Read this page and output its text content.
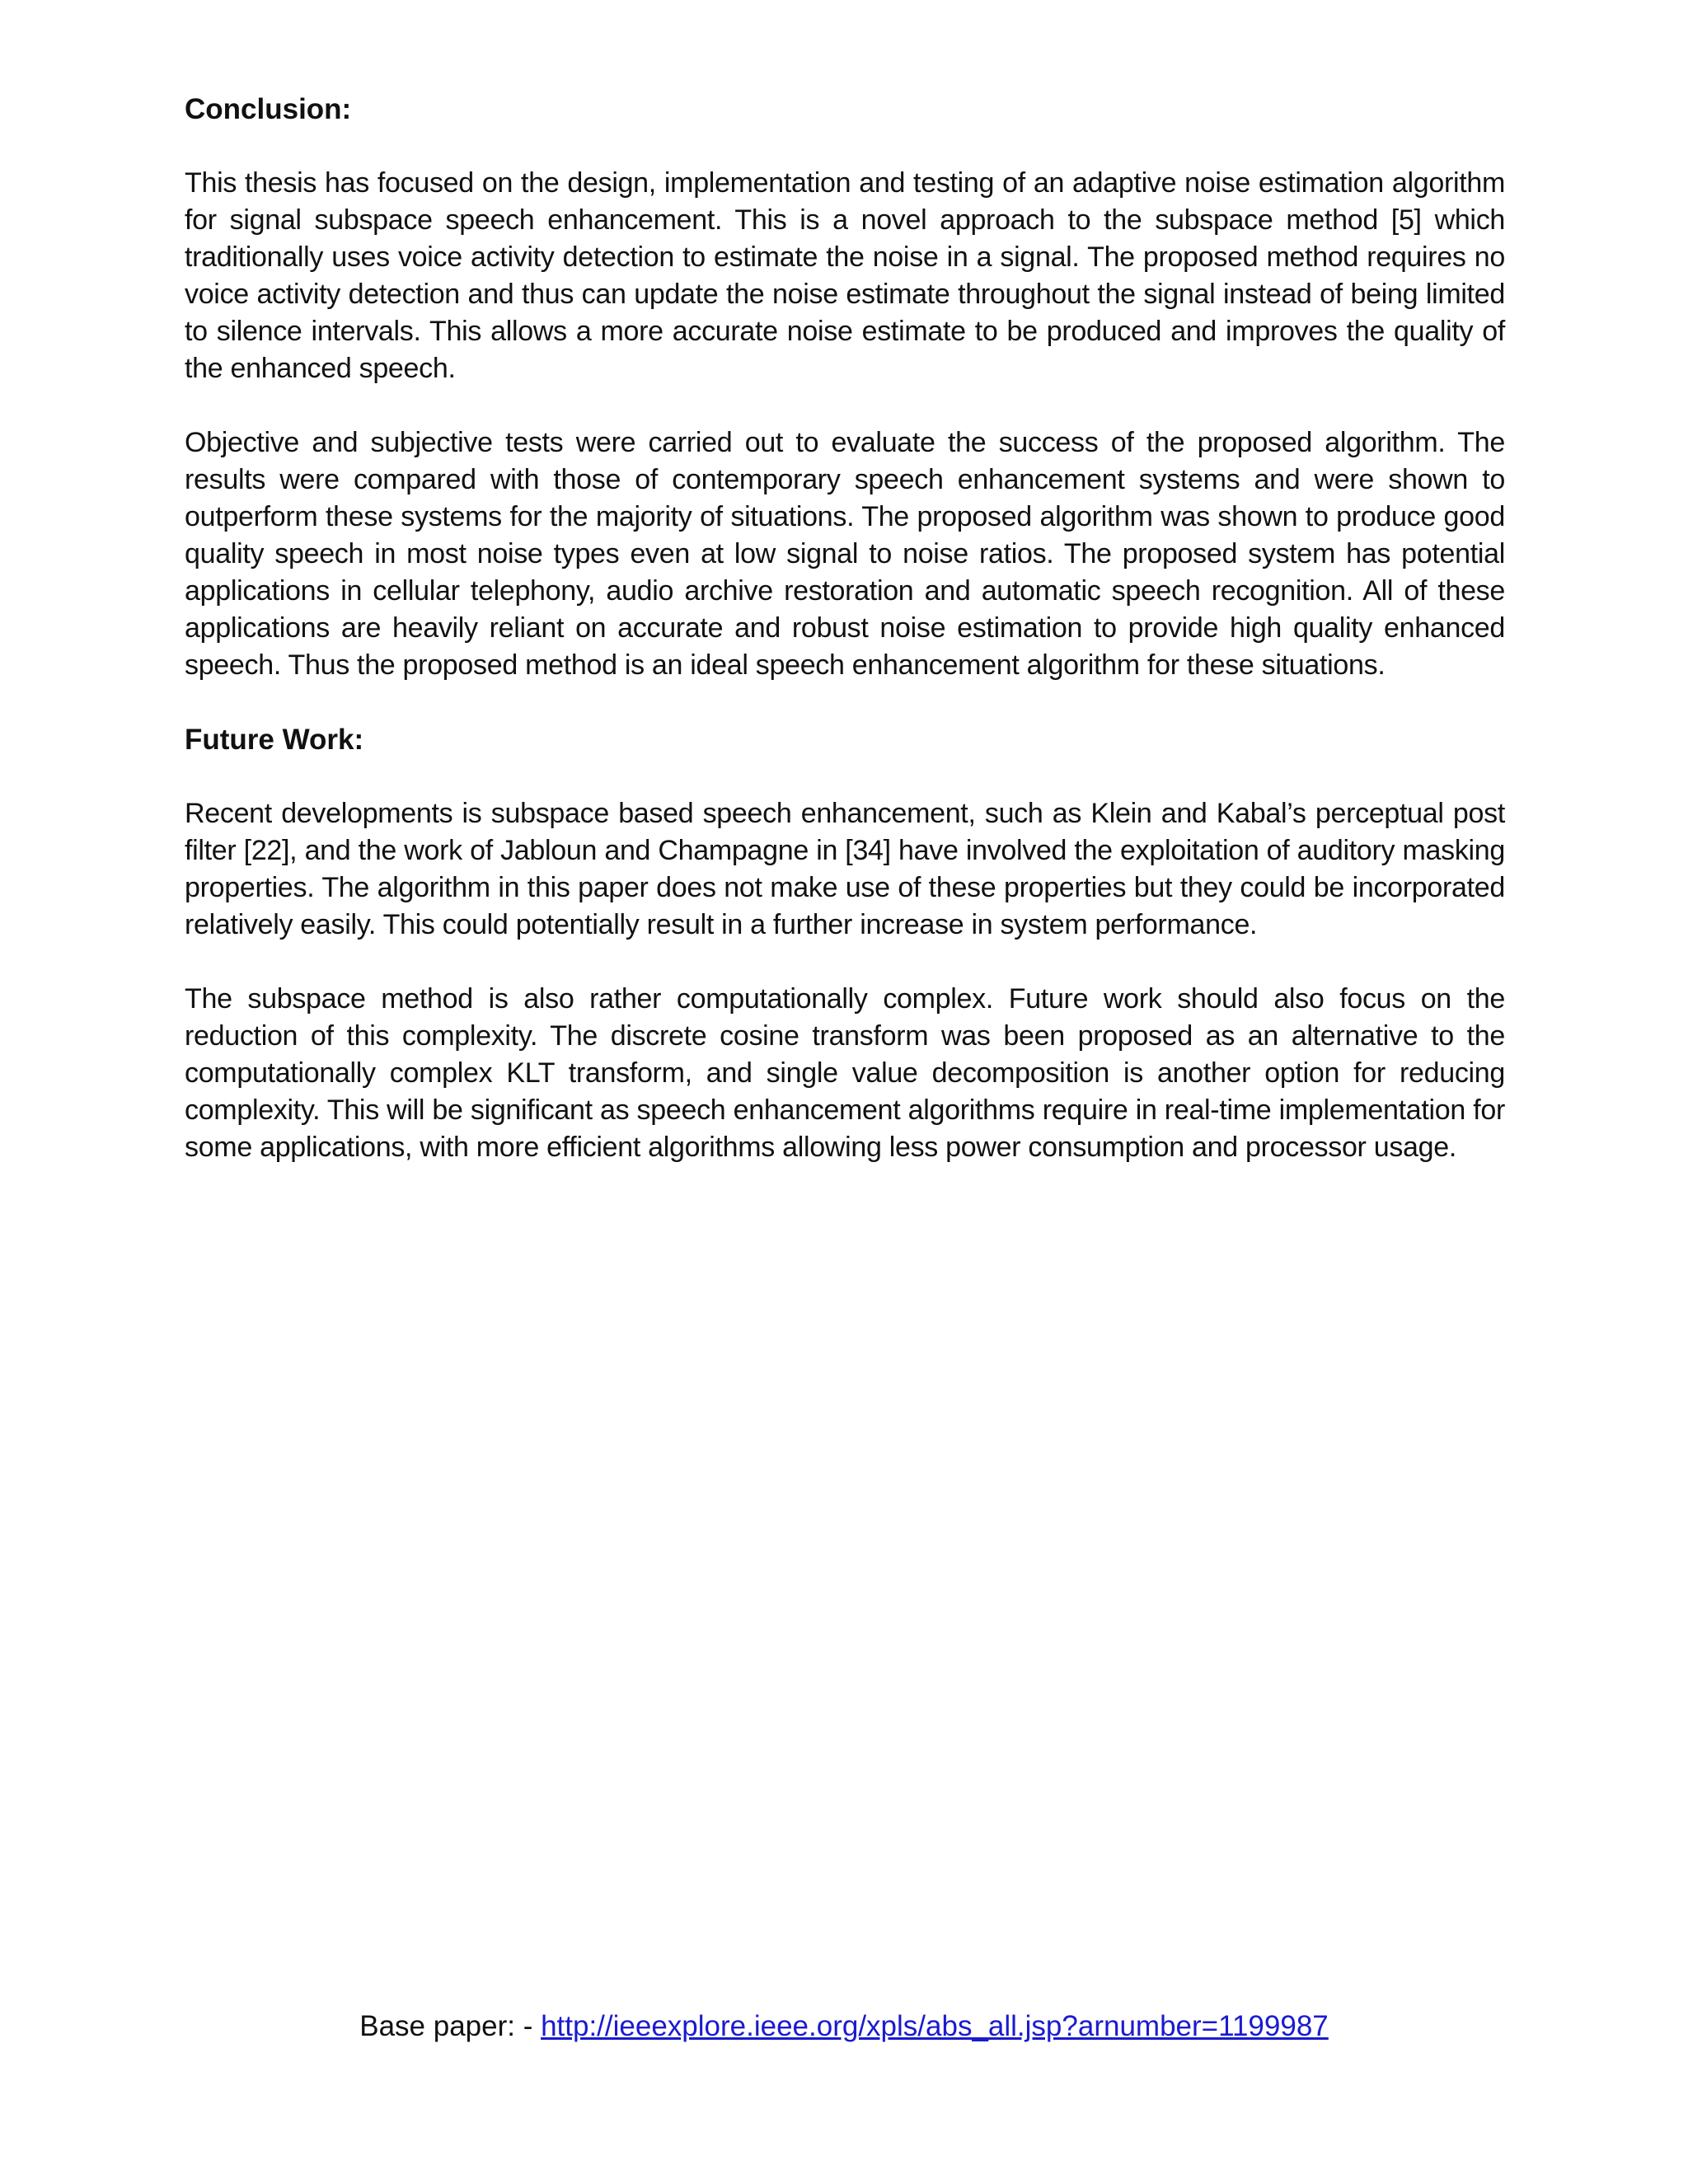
Conclusion:

This thesis has focused on the design, implementation and testing of an adaptive noise estimation algorithm for signal subspace speech enhancement. This is a novel approach to the subspace method [5] which traditionally uses voice activity detection to estimate the noise in a signal. The proposed method requires no voice activity detection and thus can update the noise estimate throughout the signal instead of being limited to silence intervals. This allows a more accurate noise estimate to be produced and improves the quality of the enhanced speech.

Objective and subjective tests were carried out to evaluate the success of the proposed algorithm. The results were compared with those of contemporary speech enhancement systems and were shown to outperform these systems for the majority of situations. The proposed algorithm was shown to produce good quality speech in most noise types even at low signal to noise ratios. The proposed system has potential applications in cellular telephony, audio archive restoration and automatic speech recognition. All of these applications are heavily reliant on accurate and robust noise estimation to provide high quality enhanced speech. Thus the proposed method is an ideal speech enhancement algorithm for these situations.

Future Work:

Recent developments is subspace based speech enhancement, such as Klein and Kabal’s perceptual post filter [22], and the work of Jabloun and Champagne in [34] have involved the exploitation of auditory masking properties. The algorithm in this paper does not make use of these properties but they could be incorporated relatively easily. This could potentially result in a further increase in system performance.

The subspace method is also rather computationally complex. Future work should also focus on the reduction of this complexity. The discrete cosine transform was been proposed as an alternative to the computationally complex KLT transform, and single value decomposition is another option for reducing complexity. This will be significant as speech enhancement algorithms require in real-time implementation for some applications, with more efficient algorithms allowing less power consumption and processor usage.

Base paper: - http://ieeexplore.ieee.org/xpls/abs_all.jsp?arnumber=1199987
